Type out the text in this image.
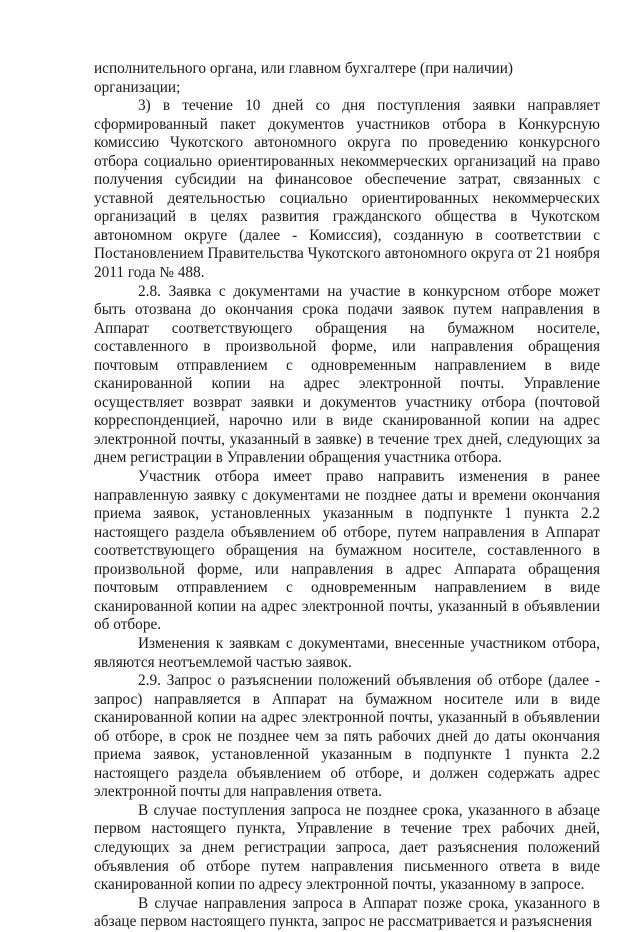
исполнительного органа, или главном бухгалтере (при наличии) организации;

3) в течение 10 дней со дня поступления заявки направляет сформированный пакет документов участников отбора в Конкурсную комиссию Чукотского автономного округа по проведению конкурсного отбора социально ориентированных некоммерческих организаций на право получения субсидии на финансовое обеспечение затрат, связанных с уставной деятельностью социально ориентированных некоммерческих организаций в целях развития гражданского общества в Чукотском автономном округе (далее - Комиссия), созданную в соответствии с Постановлением Правительства Чукотского автономного округа от 21 ноября 2011 года № 488.

2.8. Заявка с документами на участие в конкурсном отборе может быть отозвана до окончания срока подачи заявок путем направления в Аппарат соответствующего обращения на бумажном носителе, составленного в произвольной форме, или направления обращения почтовым отправлением с одновременным направлением в виде сканированной копии на адрес электронной почты. Управление осуществляет возврат заявки и документов участнику отбора (почтовой корреспонденцией, нарочно или в виде сканированной копии на адрес электронной почты, указанный в заявке) в течение трех дней, следующих за днем регистрации в Управлении обращения участника отбора.

Участник отбора имеет право направить изменения в ранее направленную заявку с документами не позднее даты и времени окончания приема заявок, установленных указанным в подпункте 1 пункта 2.2 настоящего раздела объявлением об отборе, путем направления в Аппарат соответствующего обращения на бумажном носителе, составленного в произвольной форме, или направления в адрес Аппарата обращения почтовым отправлением с одновременным направлением в виде сканированной копии на адрес электронной почты, указанный в объявлении об отборе.

Изменения к заявкам с документами, внесенные участником отбора, являются неотъемлемой частью заявок.

2.9. Запрос о разъяснении положений объявления об отборе (далее - запрос) направляется в Аппарат на бумажном носителе или в виде сканированной копии на адрес электронной почты, указанный в объявлении об отборе, в срок не позднее чем за пять рабочих дней до даты окончания приема заявок, установленной указанным в подпункте 1 пункта 2.2 настоящего раздела объявлением об отборе, и должен содержать адрес электронной почты для направления ответа.

В случае поступления запроса не позднее срока, указанного в абзаце первом настоящего пункта, Управление в течение трех рабочих дней, следующих за днем регистрации запроса, дает разъяснения положений объявления об отборе путем направления письменного ответа в виде сканированной копии по адресу электронной почты, указанному в запросе.

В случае направления запроса в Аппарат позже срока, указанного в абзаце первом настоящего пункта, запрос не рассматривается и разъяснения
